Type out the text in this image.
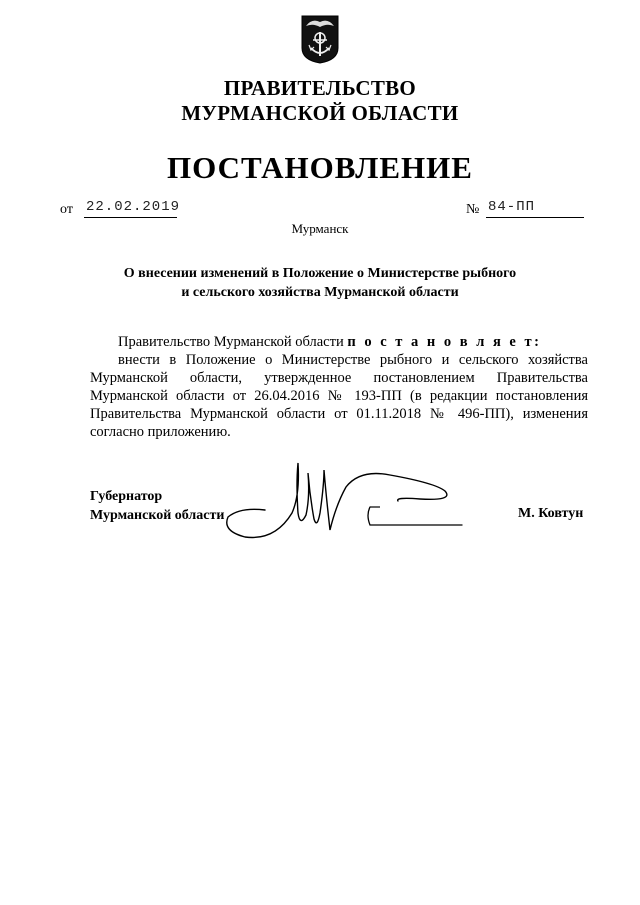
ПРАВИТЕЛЬСТВО
МУРМАНСКОЙ ОБЛАСТИ
ПОСТАНОВЛЕНИЕ
от 22.02.2019	№ 84-ПП
Мурманск
О внесении изменений в Положение о Министерстве рыбного
и сельского хозяйства Мурманской области
Правительство Мурманской области п о с т а н о в л я е т:
внести в Положение о Министерстве рыбного и сельского хозяйства Мурманской области, утвержденное постановлением Правительства Мурманской области от 26.04.2016 № 193-ПП (в редакции постановления Правительства Мурманской области от 01.11.2018 № 496-ПП), изменения согласно приложению.
Губернатор
Мурманской области	М. Ковтун
